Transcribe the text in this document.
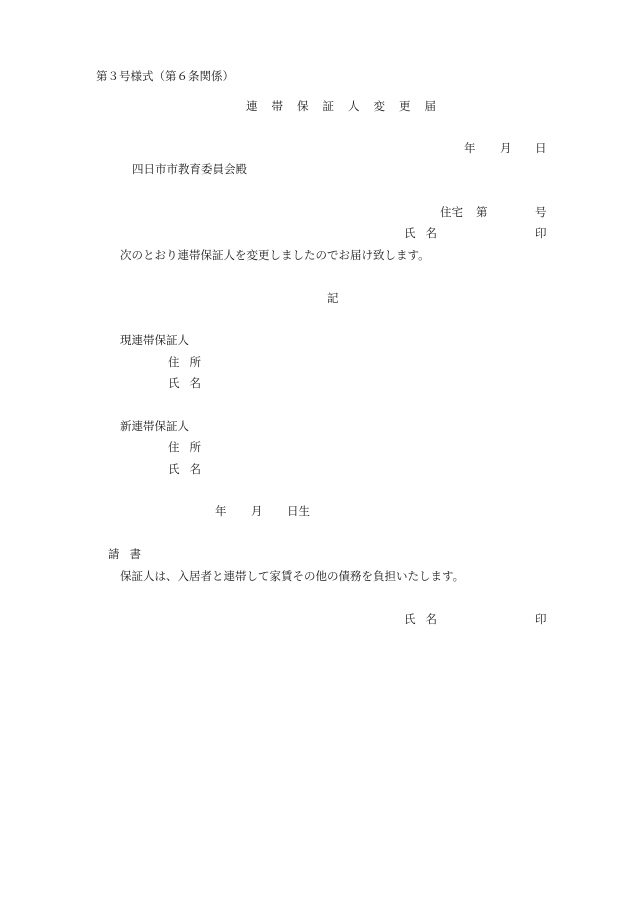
第３号様式（第６条関係）
連帯保証人変更届
年 月 日
四日市市教育委員会殿
住宅 第	号
氏名	印
次のとおり連帯保証人を変更しましたのでお届け致します。
記
現連帯保証人
住所
氏名
新連帯保証人
住所
氏名
年 月 日生
請書
保証人は、入居者と連帯して家賃その他の債務を負担いたします。
氏名	印
